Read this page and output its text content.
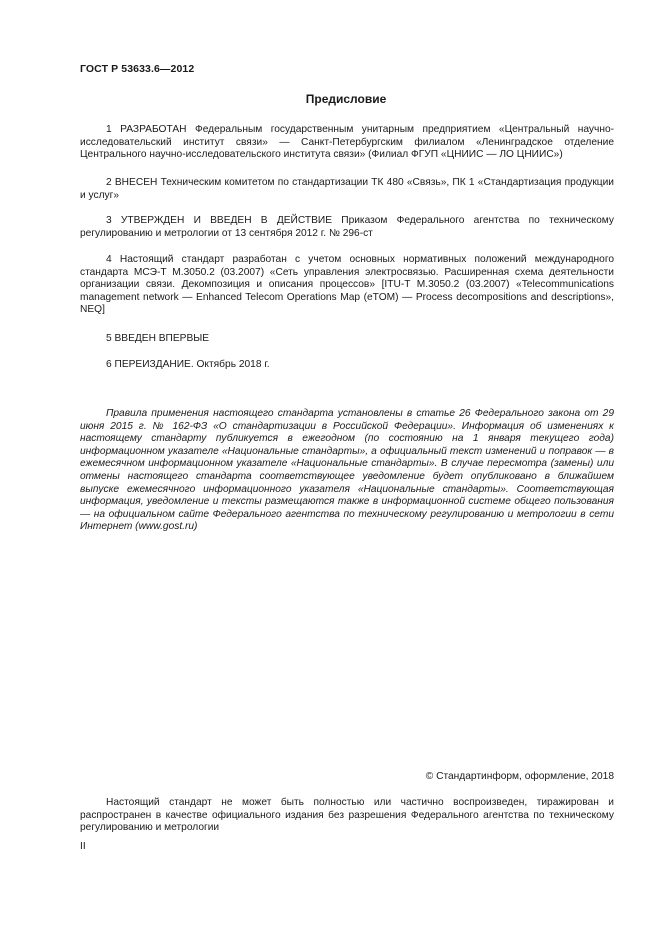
ГОСТ Р 53633.6—2012

Предисловие

1 РАЗРАБОТАН Федеральным государственным унитарным предприятием «Центральный научно-исследовательский институт связи» — Санкт-Петербургским филиалом «Ленинградское отделение Центрального научно-исследовательского института связи» (Филиал ФГУП «ЦНИИС — ЛО ЦНИИС»)

2 ВНЕСЕН Техническим комитетом по стандартизации ТК 480 «Связь», ПК 1 «Стандартизация продукции и услуг»

3 УТВЕРЖДЕН И ВВЕДЕН В ДЕЙСТВИЕ Приказом Федерального агентства по техническому регулированию и метрологии от 13 сентября 2012 г. № 296-ст

4 Настоящий стандарт разработан с учетом основных нормативных положений международного стандарта МСЭ-Т М.3050.2 (03.2007) «Сеть управления электросвязью. Расширенная схема деятельности организации связи. Декомпозиция и описания процессов» [ITU-T M.3050.2 (03.2007) «Telecommunications management network — Enhanced Telecom Operations Map (eTOM) — Process decompositions and descriptions», NEQ]

5 ВВЕДЕН ВПЕРВЫЕ

6 ПЕРЕИЗДАНИЕ. Октябрь 2018 г.

Правила применения настоящего стандарта установлены в статье 26 Федерального закона от 29 июня 2015 г. № 162-ФЗ «О стандартизации в Российской Федерации». Информация об изменениях к настоящему стандарту публикуется в ежегодном (по состоянию на 1 января текущего года) информационном указателе «Национальные стандарты», а официальный текст изменений и поправок — в ежемесячном информационном указателе «Национальные стандарты». В случае пересмотра (замены) или отмены настоящего стандарта соответствующее уведомление будет опубликовано в ближайшем выпуске ежемесячного информационного указателя «Национальные стандарты». Соответствующая информация, уведомление и тексты размещаются также в информационной системе общего пользования — на официальном сайте Федерального агентства по техническому регулированию и метрологии в сети Интернет (www.gost.ru)

© Стандартинформ, оформление, 2018

Настоящий стандарт не может быть полностью или частично воспроизведен, тиражирован и распространен в качестве официального издания без разрешения Федерального агентства по техническому регулированию и метрологии

II
